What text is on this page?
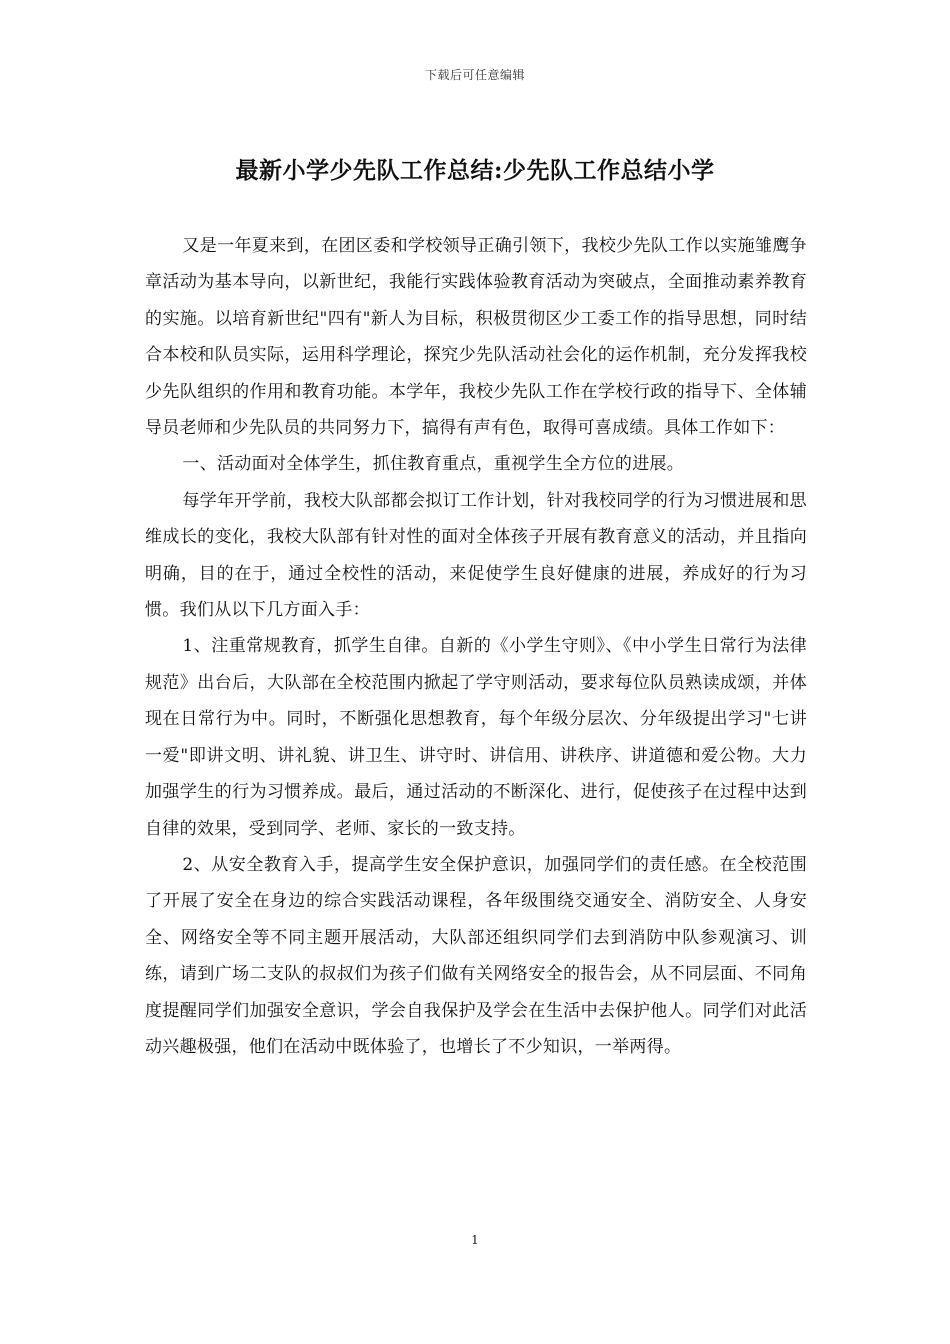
下载后可任意编辑
最新小学少先队工作总结:少先队工作总结小学

又是一年夏来到，在团区委和学校领导正确引领下，我校少先队工作以实施雏鹰争章活动为基本导向，以新世纪，我能行实践体验教育活动为突破点，全面推动素养教育的实施。以培育新世纪"四有"新人为目标，积极贯彻区少工委工作的指导思想，同时结合本校和队员实际，运用科学理论，探究少先队活动社会化的运作机制，充分发挥我校少先队组织的作用和教育功能。本学年，我校少先队工作在学校行政的指导下、全体辅导员老师和少先队员的共同努力下，搞得有声有色，取得可喜成绩。具体工作如下：

一、活动面对全体学生，抓住教育重点，重视学生全方位的进展。

每学年开学前，我校大队部都会拟订工作计划，针对我校同学的行为习惯进展和思维成长的变化，我校大队部有针对性的面对全体孩子开展有教育意义的活动，并且指向明确，目的在于，通过全校性的活动，来促使学生良好健康的进展，养成好的行为习惯。我们从以下几方面入手：

1、注重常规教育，抓学生自律。自新的《小学生守则》、《中小学生日常行为法律规范》出台后，大队部在全校范围内掀起了学守则活动，要求每位队员熟读成颂，并体现在日常行为中。同时，不断强化思想教育，每个年级分层次、分年级提出学习"七讲一爱"即讲文明、讲礼貌、讲卫生、讲守时、讲信用、讲秩序、讲道德和爱公物。大力加强学生的行为习惯养成。最后，通过活动的不断深化、进行，促使孩子在过程中达到自律的效果，受到同学、老师、家长的一致支持。

2、从安全教育入手，提高学生安全保护意识，加强同学们的责任感。在全校范围了开展了安全在身边的综合实践活动课程，各年级围绕交通安全、消防安全、人身安全、网络安全等不同主题开展活动，大队部还组织同学们去到消防中队参观演习、训练，请到广场二支队的叔叔们为孩子们做有关网络安全的报告会，从不同层面、不同角度提醒同学们加强安全意识，学会自我保护及学会在生活中去保护他人。同学们对此活动兴趣极强，他们在活动中既体验了，也增长了不少知识，一举两得。

1
